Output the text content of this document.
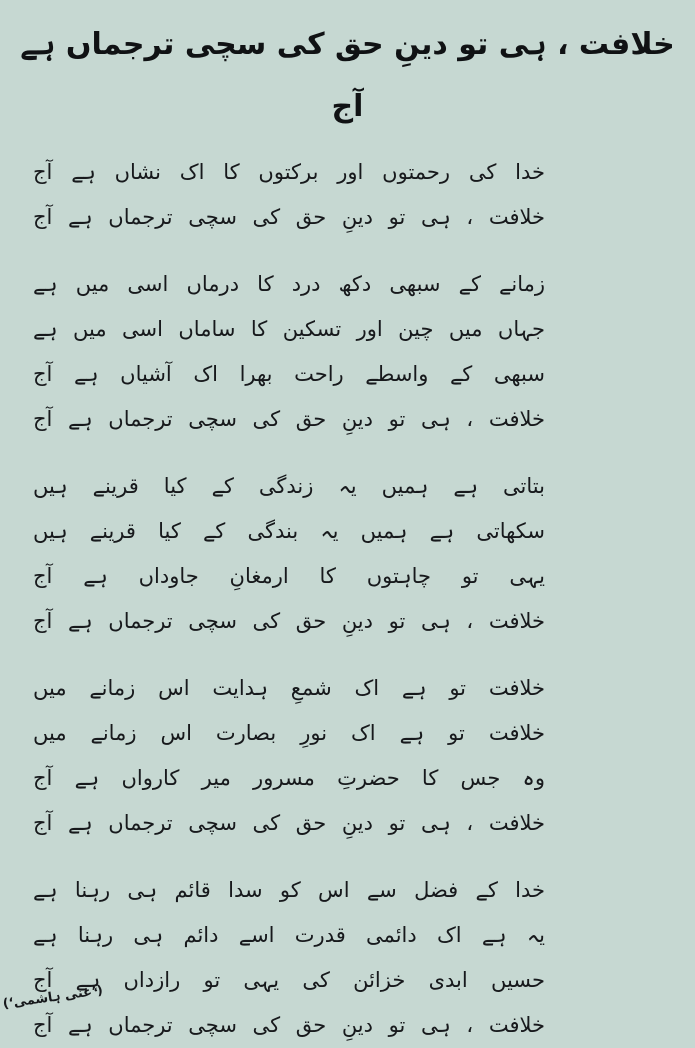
خلافت ، ہی تو دینِ حق کی سچی ترجماں ہے آج
خدا کی رحمتوں اور برکتوں کا اک نشاں ہے آج
خلافت ، ہی تو دینِ حق کی سچی ترجماں ہے آج
زمانے کے سبھی دکھ درد کا درماں اسی میں ہے
جہاں میں چین اور تسکین کا ساماں اسی میں ہے
سبھی کے واسطے راحت بھرا اک آشیاں ہے آج
خلافت ، ہی تو دینِ حق کی سچی ترجماں ہے آج
بتاتی ہے ہمیں یہ زندگی کے کیا قرینے ہیں
سکھاتی ہے ہمیں یہ بندگی کے کیا قرینے ہیں
یہی تو چاہتوں کا ارمغانِ جاوداں ہے آج
خلافت ، ہی تو دینِ حق کی سچی ترجماں ہے آج
خلافت تو ہے اک شمعِ ہدایت اس زمانے میں
خلافت تو ہے اک نورِ بصارت اس زمانے میں
وہ جس کا حضرتِ مسرور میر کارواں ہے آج
خلافت ، ہی تو دینِ حق کی سچی ترجماں ہے آج
خدا کے فضل سے اس کو سدا قائم ہی رہنا ہے
یہ ہے اک دائمی قدرت اسے دائم ہی رہنا ہے
حسیں ابدی خزائن کی یہی تو رازداں ہے آج
خلافت ، ہی تو دینِ حق کی سچی ترجماں ہے آج
(’غنی ہاشمی‘)
